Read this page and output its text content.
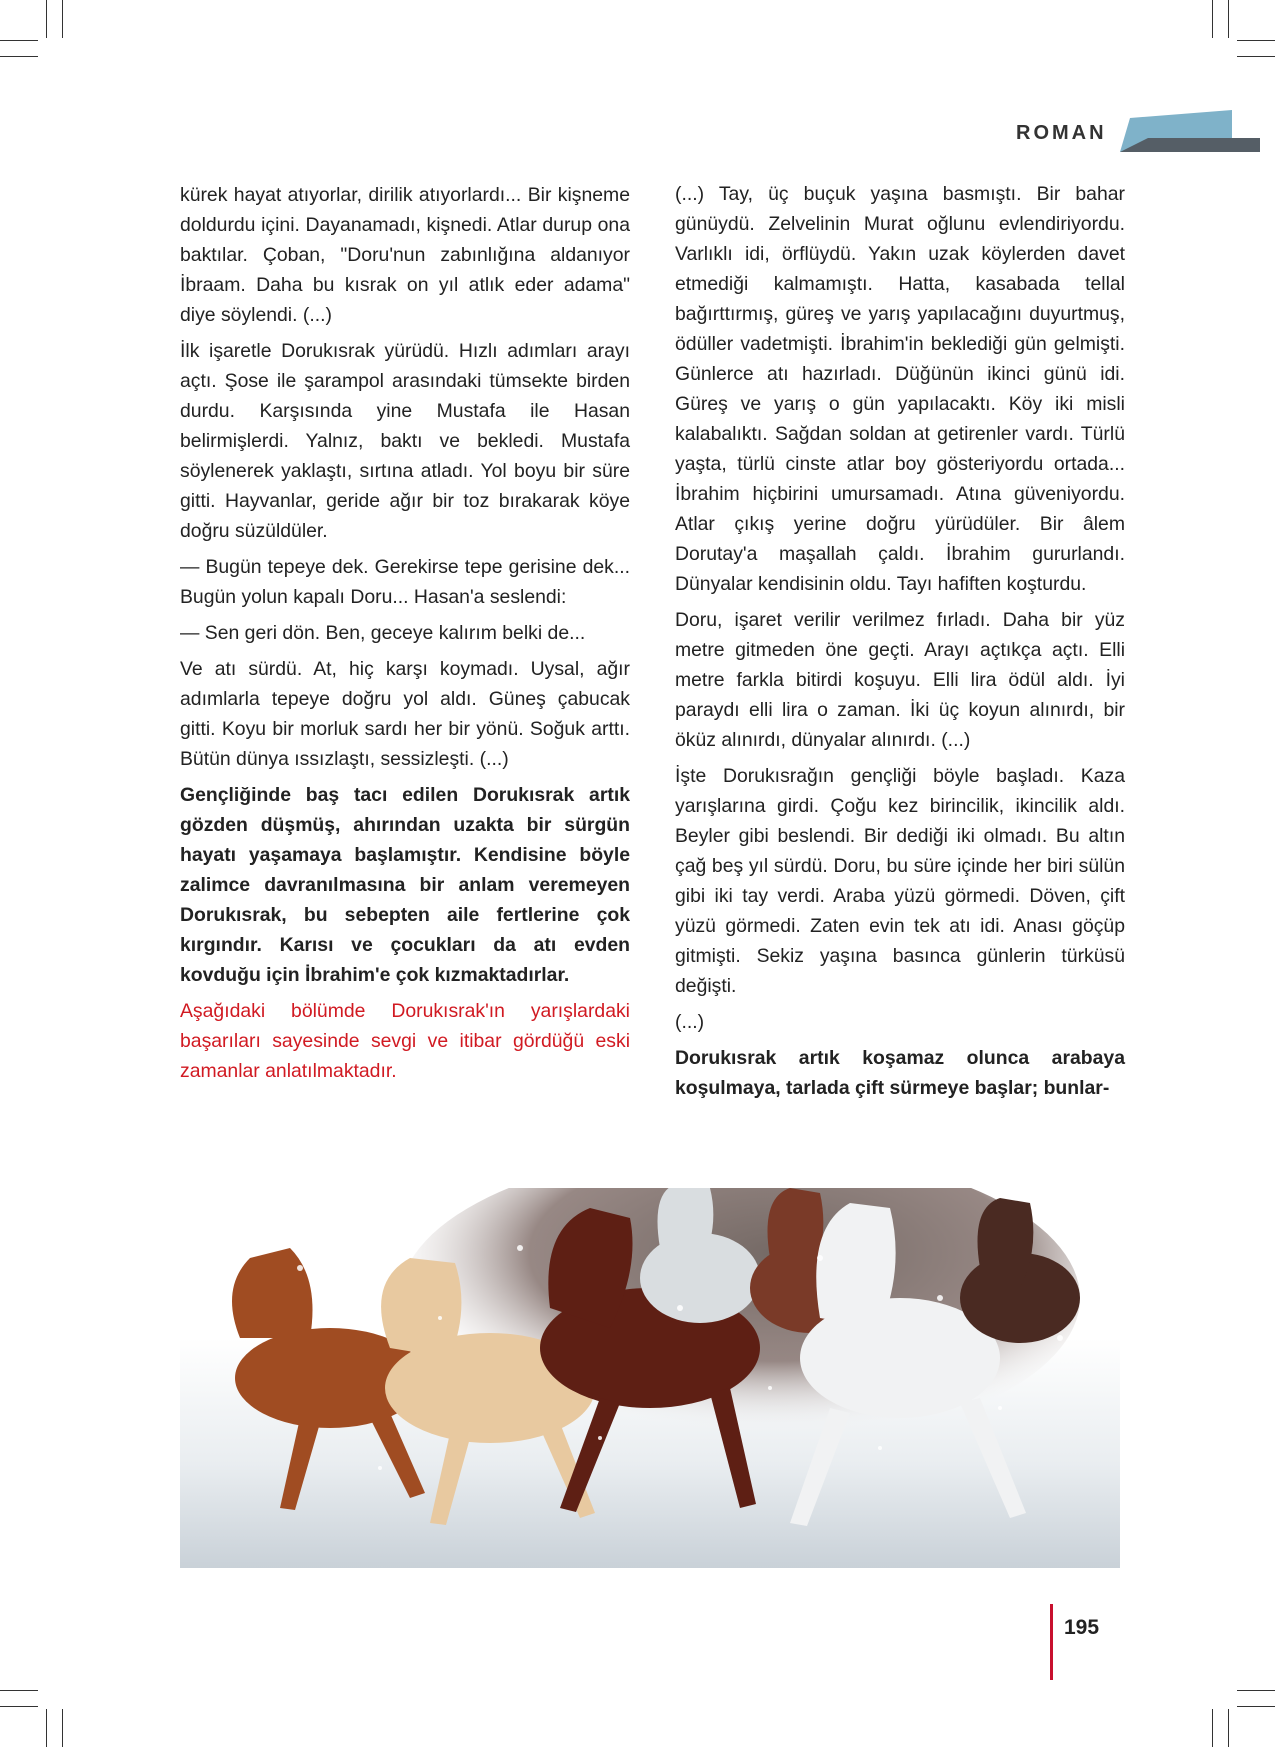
ROMAN

kürek hayat atıyorlar, dirilik atıyorlardı... Bir kişneme doldurdu içini. Dayanamadı, kişnedi. Atlar durup ona baktılar. Çoban, "Doru'nun zabınlığına aldanıyor İbraam. Daha bu kısrak on yıl atlık eder adama" diye söylendi. (...)

İlk işaretle Dorukısrak yürüdü. Hızlı adımları arayı açtı. Şose ile şarampol arasındaki tümsekte birden durdu. Karşısında yine Mustafa ile Hasan belirmişlerdi. Yalnız, baktı ve bekledi. Mustafa söylenerek yaklaştı, sırtına atladı. Yol boyu bir süre gitti. Hayvanlar, geride ağır bir toz bırakarak köye doğru süzüldüler.

— Bugün tepeye dek. Gerekirse tepe gerisine dek... Bugün yolun kapalı Doru... Hasan'a seslendi:

— Sen geri dön. Ben, geceye kalırım belki de...

Ve atı sürdü. At, hiç karşı koymadı. Uysal, ağır adımlarla tepeye doğru yol aldı. Güneş çabucak gitti. Koyu bir morluk sardı her bir yönü. Soğuk arttı. Bütün dünya ıssızlaştı, sessizleşti. (...)

Gençliğinde baş tacı edilen Dorukısrak artık gözden düşmüş, ahırından uzakta bir sürgün hayatı yaşamaya başlamıştır. Kendisine böyle zalimce davranılmasına bir anlam veremeyen Dorukısrak, bu sebepten aile fertlerine çok kırgındır. Karısı ve çocukları da atı evden kovduğu için İbrahim'e çok kızmaktadırlar.

Aşağıdaki bölümde Dorukısrak'ın yarışlardaki başarıları sayesinde sevgi ve itibar gördüğü eski zamanlar anlatılmaktadır.

(...) Tay, üç buçuk yaşına basmıştı. Bir bahar günüydü. Zelvelinin Murat oğlunu evlendiriyordu. Varlıklı idi, örflüydü. Yakın uzak köylerden davet etmediği kalmamıştı. Hatta, kasabada tellal bağırttırmış, güreş ve yarış yapılacağını duyurtmuş, ödüller vadetmişti. İbrahim'in beklediği gün gelmişti. Günlerce atı hazırladı. Düğünün ikinci günü idi. Güreş ve yarış o gün yapılacaktı. Köy iki misli kalabalıktı. Sağdan soldan at getirenler vardı. Türlü yaşta, türlü cinste atlar boy gösteriyordu ortada... İbrahim hiçbirini umursamadı. Atına güveniyordu. Atlar çıkış yerine doğru yürüdüler. Bir âlem Dorutay'a maşallah çaldı. İbrahim gururlandı. Dünyalar kendisinin oldu. Tayı hafiften koşturdu.

Doru, işaret verilir verilmez fırladı. Daha bir yüz metre gitmeden öne geçti. Arayı açtıkça açtı. Elli metre farkla bitirdi koşuyu. Elli lira ödül aldı. İyi paraydı elli lira o zaman. İki üç koyun alınırdı, bir öküz alınırdı, dünyalar alınırdı. (...)

İşte Dorukısrağın gençliği böyle başladı. Kaza yarışlarına girdi. Çoğu kez birincilik, ikincilik aldı. Beyler gibi beslendi. Bir dediği iki olmadı. Bu altın çağ beş yıl sürdü. Doru, bu süre içinde her biri sülün gibi iki tay verdi. Araba yüzü görmedi. Döven, çift yüzü görmedi. Zaten evin tek atı idi. Anası göçüp gitmişti. Sekiz yaşına basınca günlerin türküsü değişti.

(...)

Dorukısrak artık koşamaz olunca arabaya koşulmaya, tarlada çift sürmeye başlar; bunlar-

195
